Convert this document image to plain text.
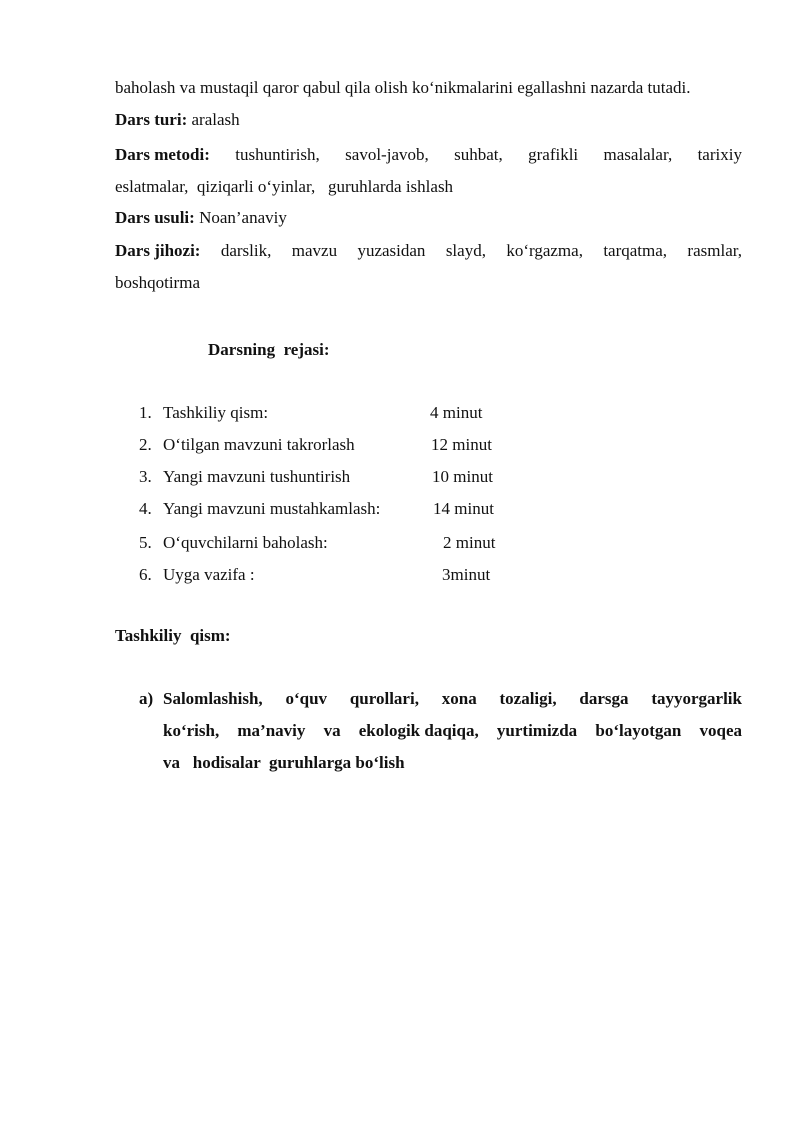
baholash va mustaqil qaror qabul qila olish ko‘nikmalarini egallashni nazarda tutadi.
Dars turi: aralash
Dars metodi: tushuntirish, savol-javob, suhbat, grafikli masalalar, tarixiy
eslatmalar,  qiziqarli o‘yinlar,   guruhlarda ishlash
Dars usuli: Noan’anaviy
Dars jihozi: darslik, mavzu yuzasidan slayd, ko‘rgazma, tarqatma, rasmlar,
boshqotirma
Darsning  rejasi:
1. Tashkiliy qism:	4 minut
2. O‘tilgan mavzuni takrorlash	12 minut
3. Yangi mavzuni tushuntirish	10 minut
4. Yangi mavzuni mustahkamlash:	14 minut
5. O‘quvchilarni baholash:	2 minut
6. Uyga vazifa :	3minut
Tashkiliy  qism:
a) Salomlashish, o‘quv qurollari, xona tozaligi, darsga tayyorgarlik
ko‘rish, ma’naviy va ekologik daqiqa, yurtimizda bo‘layotgan voqea
va   hodisalar  guruhlarga bo‘lish
